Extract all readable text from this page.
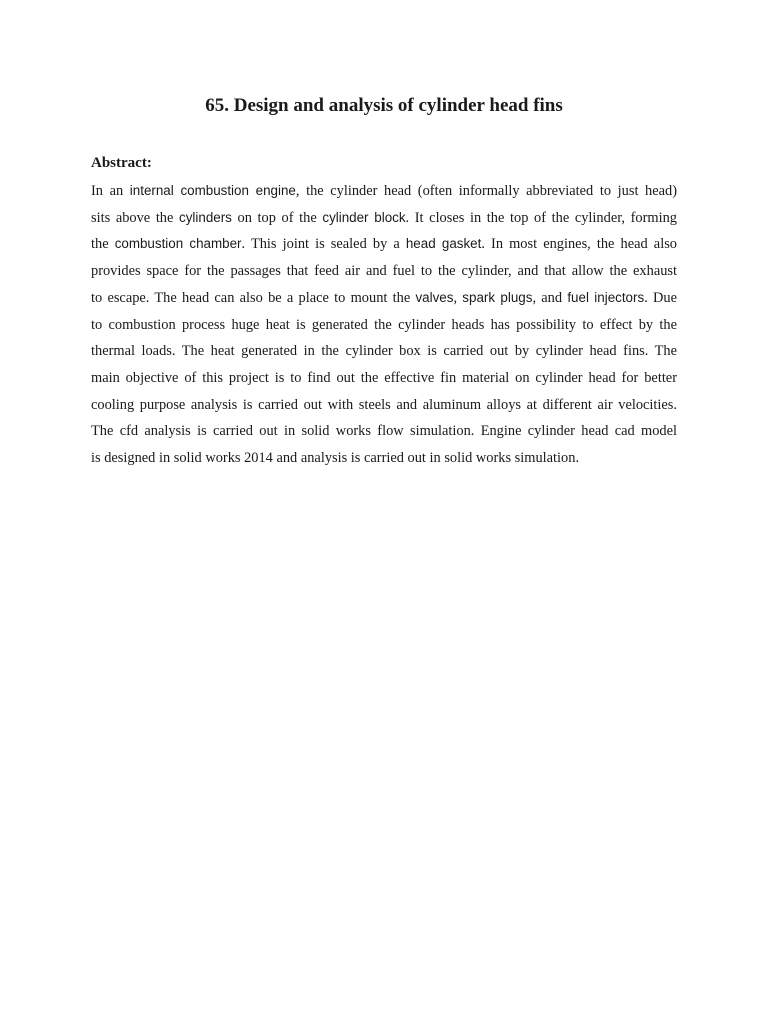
65. Design and analysis of cylinder head fins
Abstract:
In an internal combustion engine, the cylinder head (often informally abbreviated to just head)
sits above the cylinders on top of the cylinder block. It closes in the top of the cylinder, forming
the combustion chamber. This joint is sealed by a head gasket. In most engines, the head also
provides space for the passages that feed air and fuel to the cylinder, and that allow the exhaust
to escape. The head can also be a place to mount the valves, spark plugs, and fuel injectors. Due
to combustion process huge heat is generated the cylinder heads has possibility to effect by the
thermal loads. The heat generated in the cylinder box is carried out by cylinder head fins. The
main objective of this project is to find out the effective fin material on cylinder head for better
cooling purpose analysis is carried out with steels and aluminum alloys at different air velocities.
The cfd analysis is carried out in solid works flow simulation. Engine cylinder head cad model
is designed in solid works 2014 and analysis is carried out in solid works simulation.
